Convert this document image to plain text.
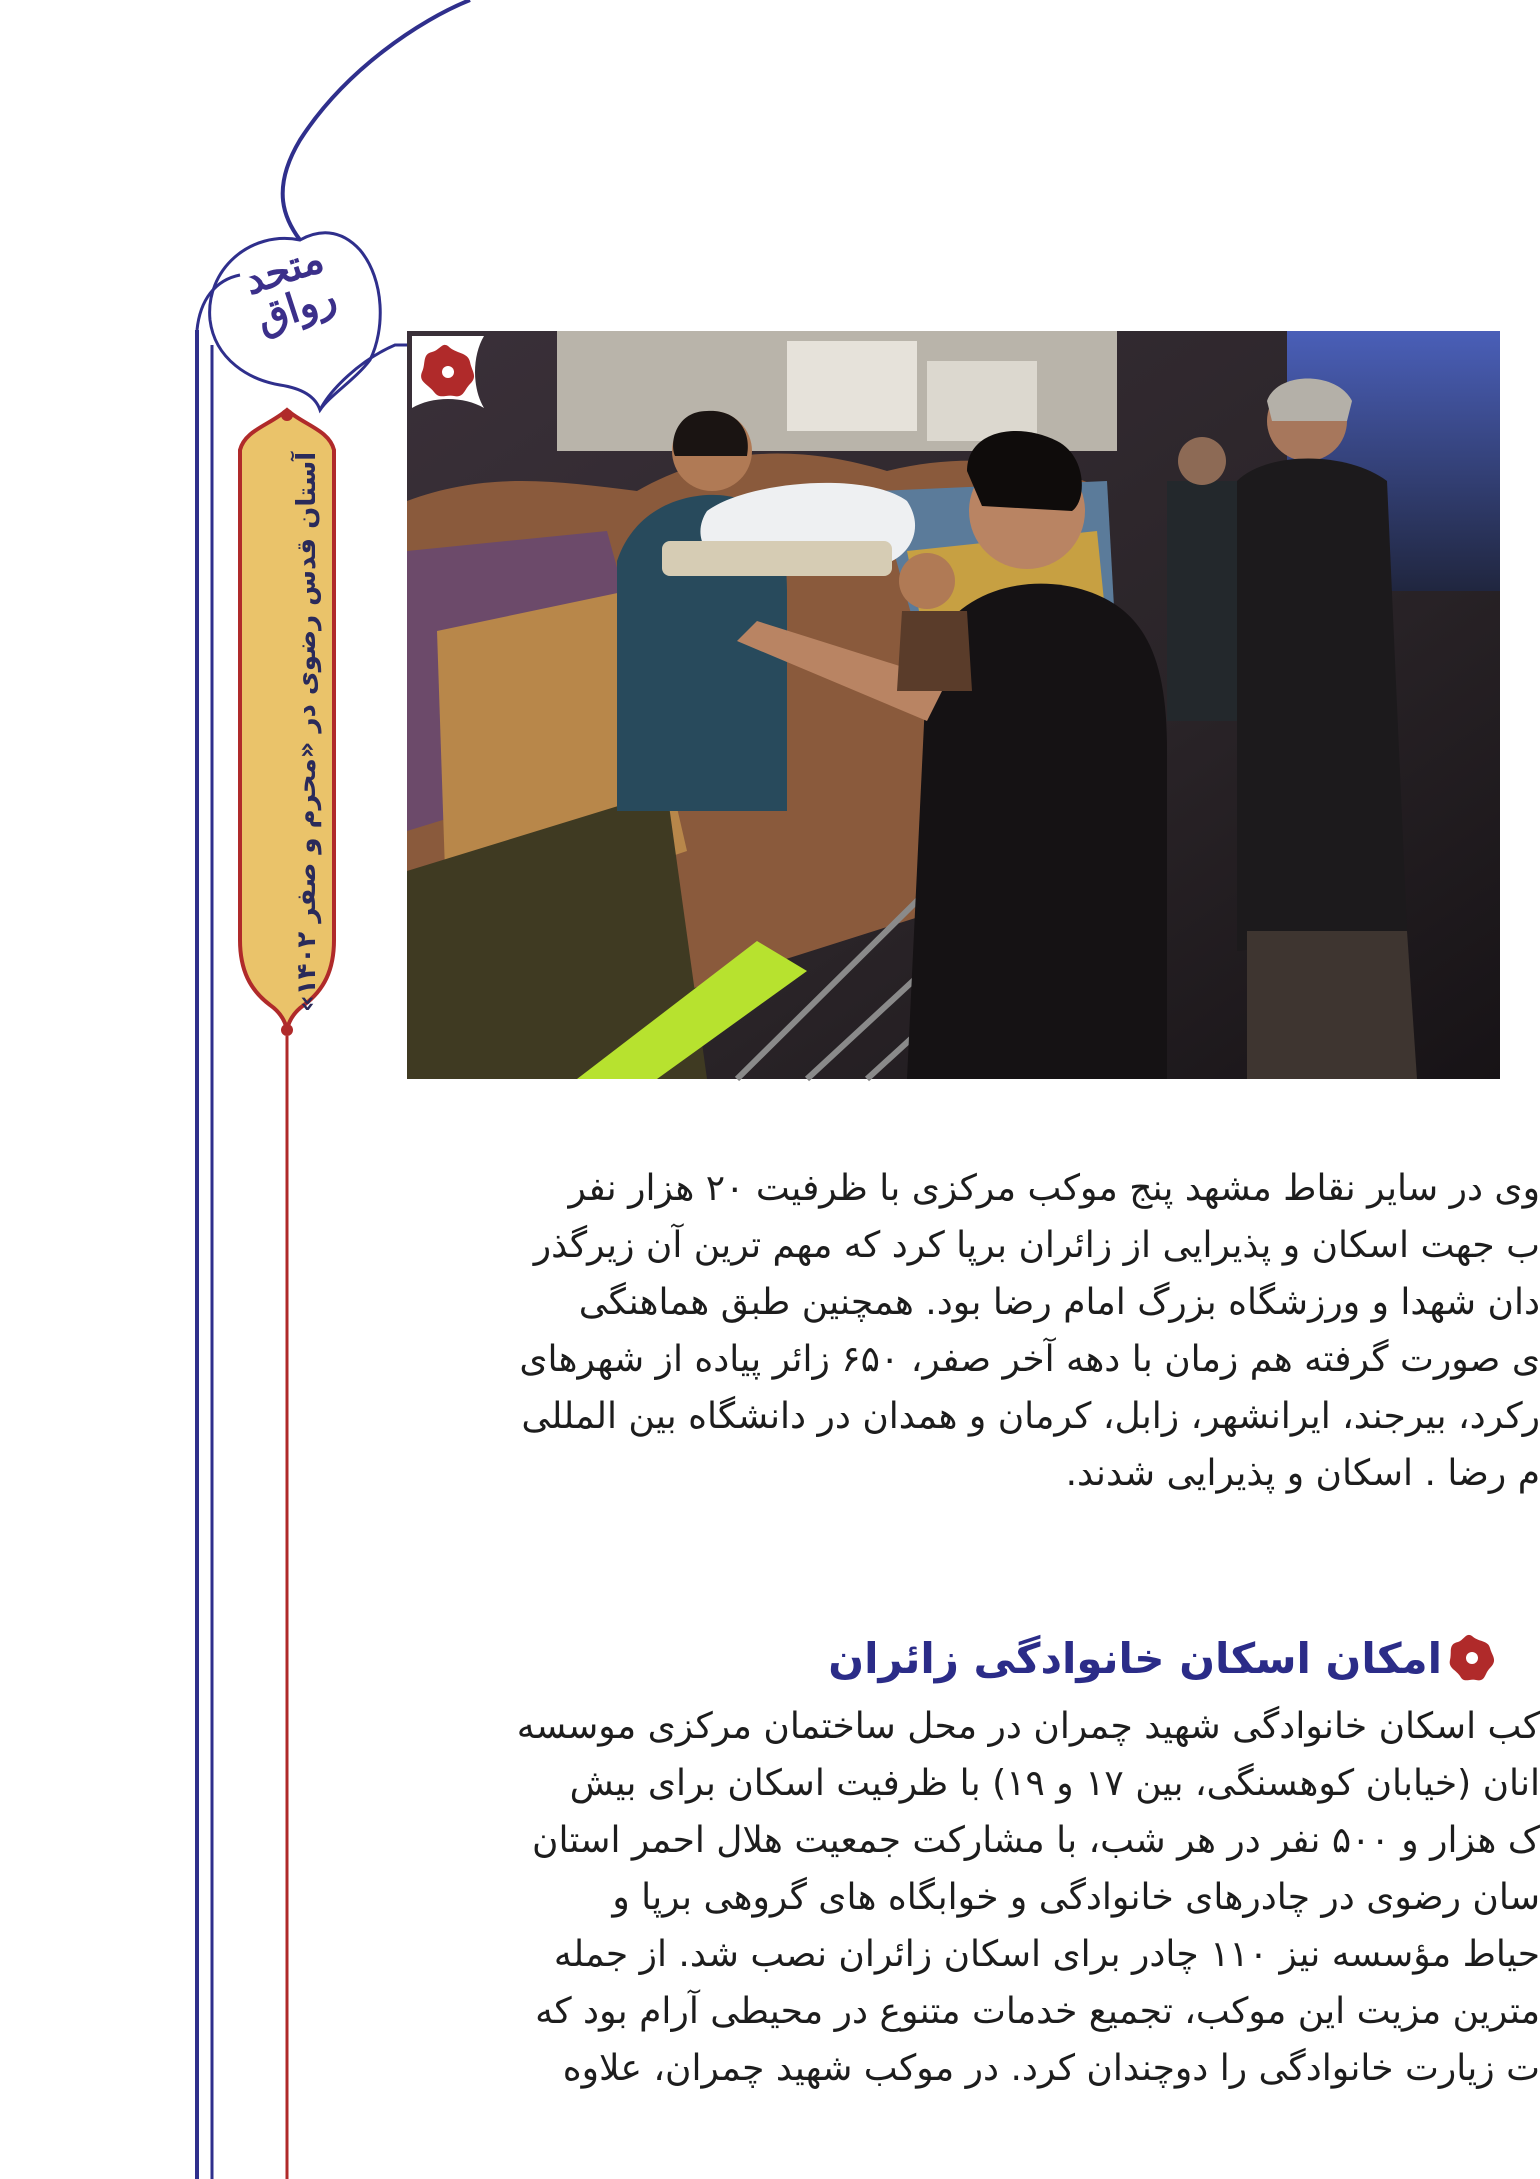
متحد رواق
آستان قدس رضوی در «محرم و صفر ۱۴۰۲»
وی در سایر نقاط مشهد پنج موکب مرکزی با ظرفیت ۲۰ هزار نفر
ب جهت اسکان و پذیرایی از زائران برپا کرد که مهم ترین آن زیرگذر
دان شهدا و ورزشگاه بزرگ امام رضا بود. همچنین طبق هماهنگی
ی صورت گرفته هم زمان با دهه آخر صفر، ۶۵۰ زائر پیاده از شهرهای
رکرد، بیرجند، ایرانشهر، زابل، کرمان و همدان در دانشگاه بین المللی
م رضا . اسکان و پذیرایی شدند.
امکان اسکان خانوادگی زائران
کب اسکان خانوادگی شهید چمران در محل ساختمان مرکزی موسسه
انان (خیابان کوهسنگی، بین ۱۷ و ۱۹) با ظرفیت اسکان برای بیش
ک هزار و ۵۰۰ نفر در هر شب، با مشارکت جمعیت هلال احمر استان
سان رضوی در چادرهای خانوادگی و خوابگاه های گروهی برپا و
حیاط مؤسسه نیز ۱۱۰ چادر برای اسکان زائران نصب شد. از جمله
مترین مزیت این موکب، تجمیع خدمات متنوع در محیطی آرام بود که
ت زیارت خانوادگی را دوچندان کرد. در موکب شهید چمران، علاوه
